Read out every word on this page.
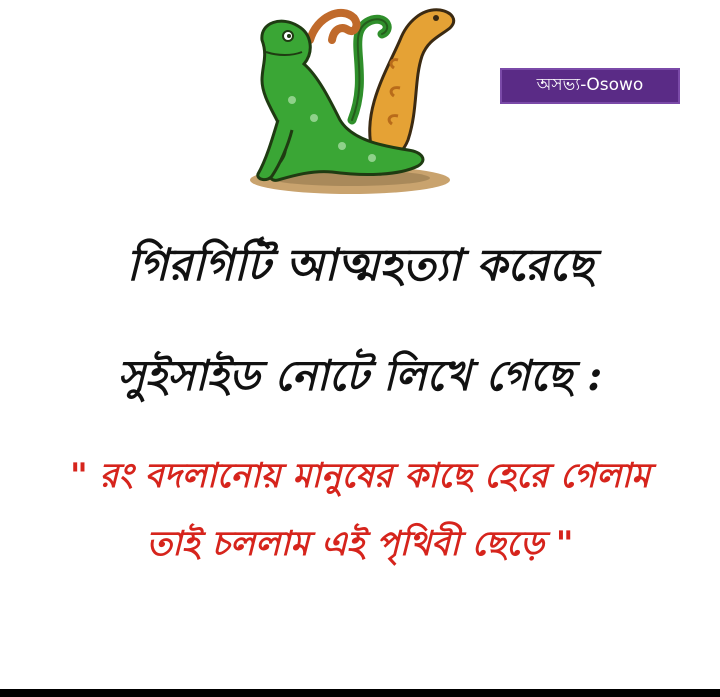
অসভ্য-Osowo
গিরগিটি আত্মহত্যা করেছে
সুইসাইড নোটে লিখে গেছে :
" রং বদলানোয় মানুষের কাছে হেরে গেলাম
তাই চললাম এই পৃথিবী ছেড়ে "
